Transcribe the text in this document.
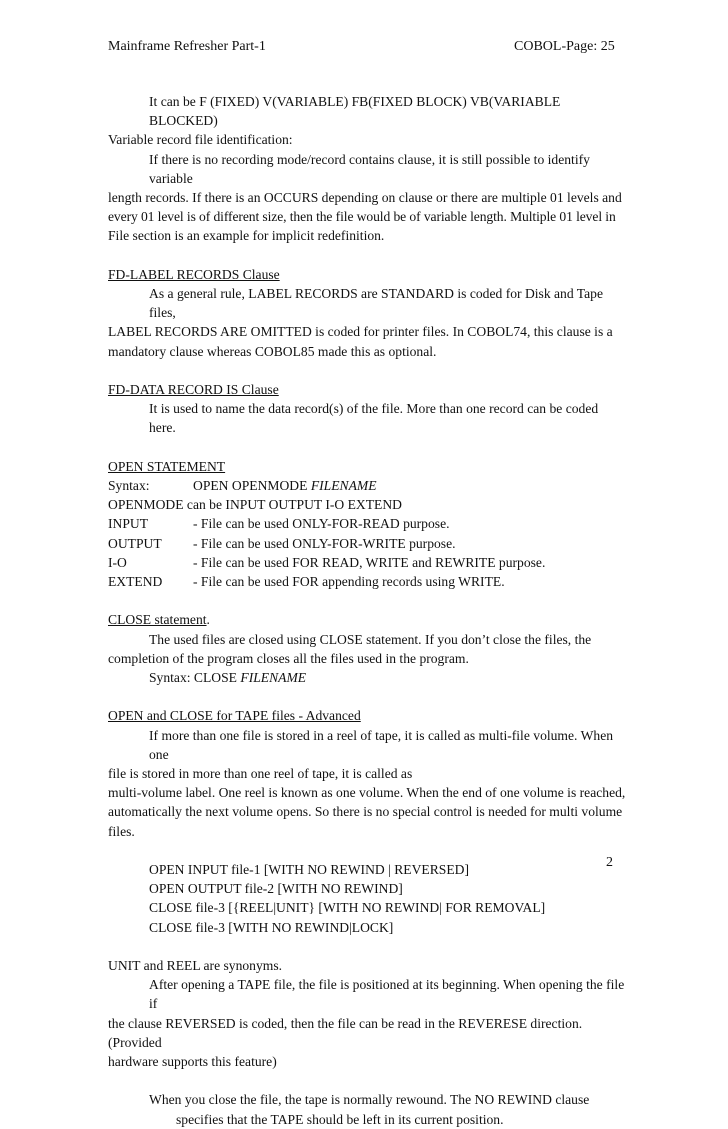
Mainframe Refresher Part-1	COBOL-Page: 25

It can be F (FIXED) V(VARIABLE) FB(FIXED BLOCK) VB(VARIABLE BLOCKED)

Variable record file identification:

If there is no recording mode/record contains clause, it is still possible to identify variable

length records. If there is an OCCURS depending on clause or there are multiple 01 levels and

every 01 level is of different size, then the file would be of variable length. Multiple 01 level in

File section is an example for implicit redefinition.

FD-LABEL RECORDS Clause

As a general rule, LABEL RECORDS are STANDARD is coded for Disk and Tape files,

LABEL RECORDS ARE OMITTED is coded for printer files. In COBOL74, this clause is a

mandatory clause whereas COBOL85 made this as optional.

FD-DATA RECORD IS Clause

It is used to name the data record(s) of the file. More than one record can be coded here.

OPEN STATEMENT

Syntax:	OPEN OPENMODE FILENAME

OPENMODE can be INPUT OUTPUT I-O EXTEND

INPUT	- File can be used ONLY-FOR-READ purpose.

OUTPUT - File can be used ONLY-FOR-WRITE purpose.

I-O	- File can be used FOR READ, WRITE and REWRITE purpose.

EXTEND - File can be used FOR appending records using WRITE.

CLOSE statement.

The used files are closed using CLOSE statement. If you don’t close the files, the

completion of the program closes all the files used in the program.

Syntax: CLOSE FILENAME

OPEN and CLOSE for TAPE files - Advanced

If more than one file is stored in a reel of tape, it is called as multi-file volume. When one

file is stored in more than one reel of tape, it is called as

multi-volume label. One reel is known as one volume. When the end of one volume is reached,

automatically the next volume opens. So there is no special control is needed for multi volume

files.

OPEN INPUT file-1 [WITH NO REWIND | REVERSED]

OPEN OUTPUT file-2 [WITH NO REWIND]

CLOSE file-3 [{REEL|UNIT} [WITH NO REWIND| FOR REMOVAL]

CLOSE file-3 [WITH NO REWIND|LOCK]

UNIT and REEL are synonyms.

After opening a TAPE file, the file is positioned at its beginning. When opening the file if

the clause REVERSED is coded, then the file can be read in the REVERESE direction. (Provided

hardware supports this feature)

When you close the file, the tape is normally rewound. The NO REWIND clause

specifies that the TAPE should be left in its current position.

2
